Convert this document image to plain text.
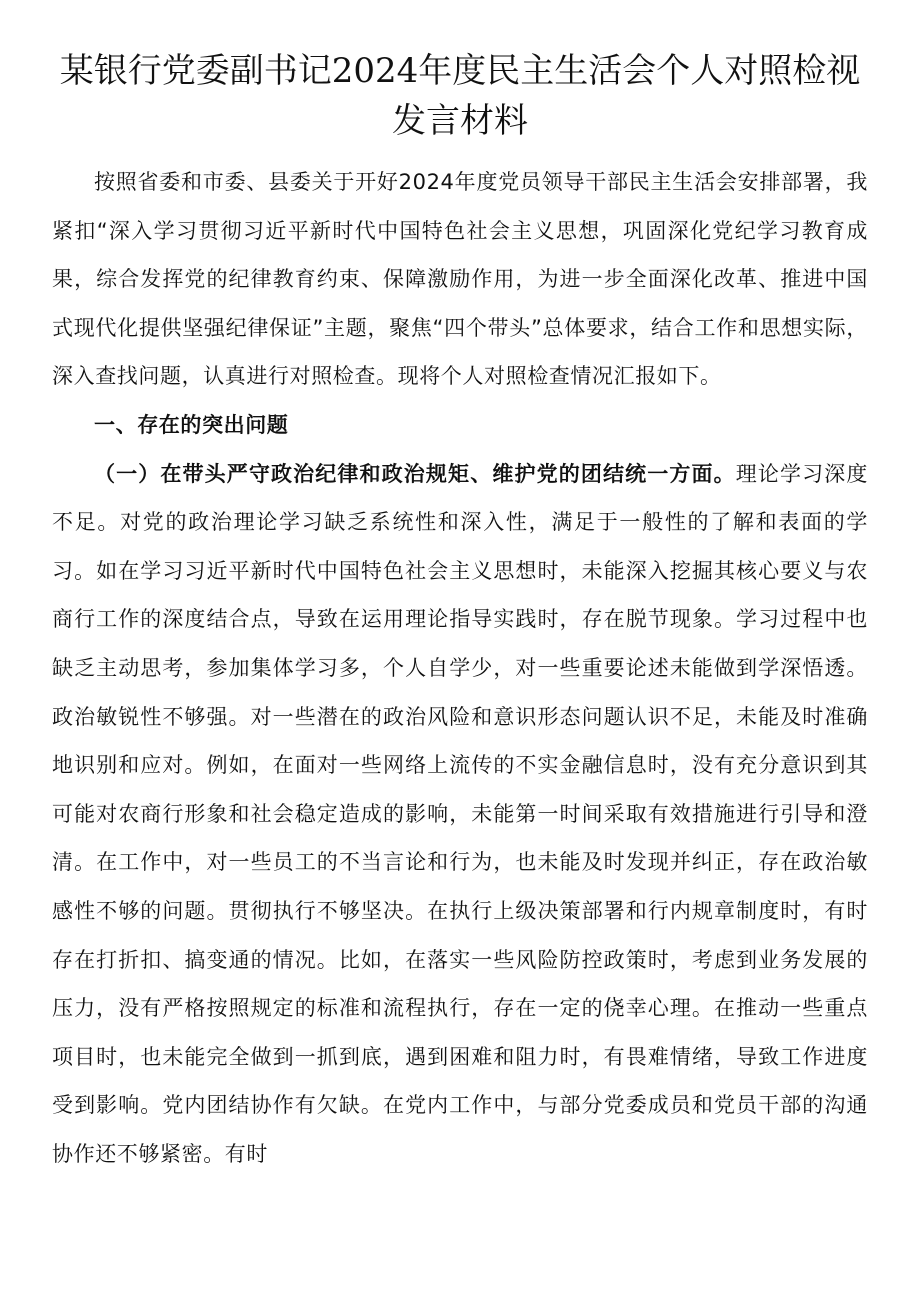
某银行党委副书记2024年度民主生活会个人对照检视
发言材料

按照省委和市委、县委关于开好2024年度党员领导干部民主生活会安排部署，我紧扣“深入学习贯彻习近平新时代中国特色社会主义思想，巩固深化党纪学习教育成果，综合发挥党的纪律教育约束、保障激励作用，为进一步全面深化改革、推进中国式现代化提供坚强纪律保证”主题，聚焦“四个带头”总体要求，结合工作和思想实际，深入查找问题，认真进行对照检查。现将个人对照检查情况汇报如下。

一、存在的突出问题

（一）在带头严守政治纪律和政治规矩、维护党的团结统一方面。理论学习深度不足。对党的政治理论学习缺乏系统性和深入性，满足于一般性的了解和表面的学习。如在学习习近平新时代中国特色社会主义思想时，未能深入挖掘其核心要义与农商行工作的深度结合点，导致在运用理论指导实践时，存在脱节现象。学习过程中也缺乏主动思考，参加集体学习多，个人自学少，对一些重要论述未能做到学深悟透。政治敏锐性不够强。对一些潜在的政治风险和意识形态问题认识不足，未能及时准确地识别和应对。例如，在面对一些网络上流传的不实金融信息时，没有充分意识到其可能对农商行形象和社会稳定造成的影响，未能第一时间采取有效措施进行引导和澄清。在工作中，对一些员工的不当言论和行为，也未能及时发现并纠正，存在政治敏感性不够的问题。贯彻执行不够坚决。在执行上级决策部署和行内规章制度时，有时存在打折扣、搞变通的情况。比如，在落实一些风险防控政策时，考虑到业务发展的压力，没有严格按照规定的标准和流程执行，存在一定的侥幸心理。在推动一些重点项目时，也未能完全做到一抓到底，遇到困难和阻力时，有畏难情绪，导致工作进度受到影响。党内团结协作有欠缺。在党内工作中，与部分党委成员和党员干部的沟通协作还不够紧密。有时
